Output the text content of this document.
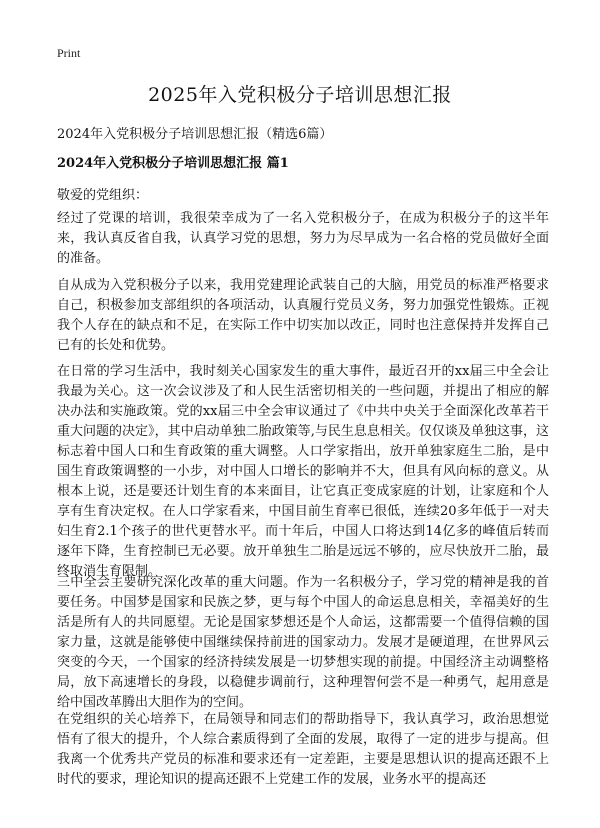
Print
2025年入党积极分子培训思想汇报

2024年入党积极分子培训思想汇报（精选6篇）

2024年入党积极分子培训思想汇报 篇1

敬爱的党组织：

经过了党课的培训，我很荣幸成为了一名入党积极分子，在成为积极分子的这半年来，我认真反省自我，认真学习党的思想，努力为尽早成为一名合格的党员做好全面的准备。

自从成为入党积极分子以来，我用党建理论武装自己的大脑，用党员的标准严格要求自己，积极参加支部组织的各项活动，认真履行党员义务，努力加强党性锻炼。正视我个人存在的缺点和不足，在实际工作中切实加以改正，同时也注意保持并发挥自己已有的长处和优势。

在日常的学习生活中，我时刻关心国家发生的重大事件，最近召开的xx届三中全会让我最为关心。这一次会议涉及了和人民生活密切相关的一些问题，并提出了相应的解决办法和实施政策。党的xx届三中全会审议通过了《中共中央关于全面深化改革若干重大问题的决定》，其中启动单独二胎政策等,与民生息息相关。仅仅谈及单独这事，这标志着中国人口和生育政策的重大调整。人口学家指出，放开单独家庭生二胎，是中国生育政策调整的一小步，对中国人口增长的影响并不大，但具有风向标的意义。从根本上说，还是要还计划生育的本来面目，让它真正变成家庭的计划，让家庭和个人享有生育决定权。在人口学家看来，中国目前生育率已很低，连续20多年低于一对夫妇生育2.1个孩子的世代更替水平。而十年后，中国人口将达到14亿多的峰值后转而逐年下降，生育控制已无必要。放开单独生二胎是远远不够的，应尽快放开二胎，最终取消生育限制。

三中全会主要研究深化改革的重大问题。作为一名积极分子，学习党的精神是我的首要任务。中国梦是国家和民族之梦，更与每个中国人的命运息息相关，幸福美好的生活是所有人的共同愿望。无论是国家梦想还是个人命运，这都需要一个值得信赖的国家力量，这就是能够使中国继续保持前进的国家动力。发展才是硬道理，在世界风云突变的今天，一个国家的经济持续发展是一切梦想实现的前提。中国经济主动调整格局，放下高速增长的身段，以稳健步调前行，这种理智何尝不是一种勇气，起用意是给中国改革腾出大胆作为的空间。

在党组织的关心培养下，在局领导和同志们的帮助指导下，我认真学习，政治思想觉悟有了很大的提升，个人综合素质得到了全面的发展，取得了一定的进步与提高。但我离一个优秀共产党员的标准和要求还有一定差距，主要是思想认识的提高还跟不上时代的要求，理论知识的提高还跟不上党建工作的发展，业务水平的提高还
